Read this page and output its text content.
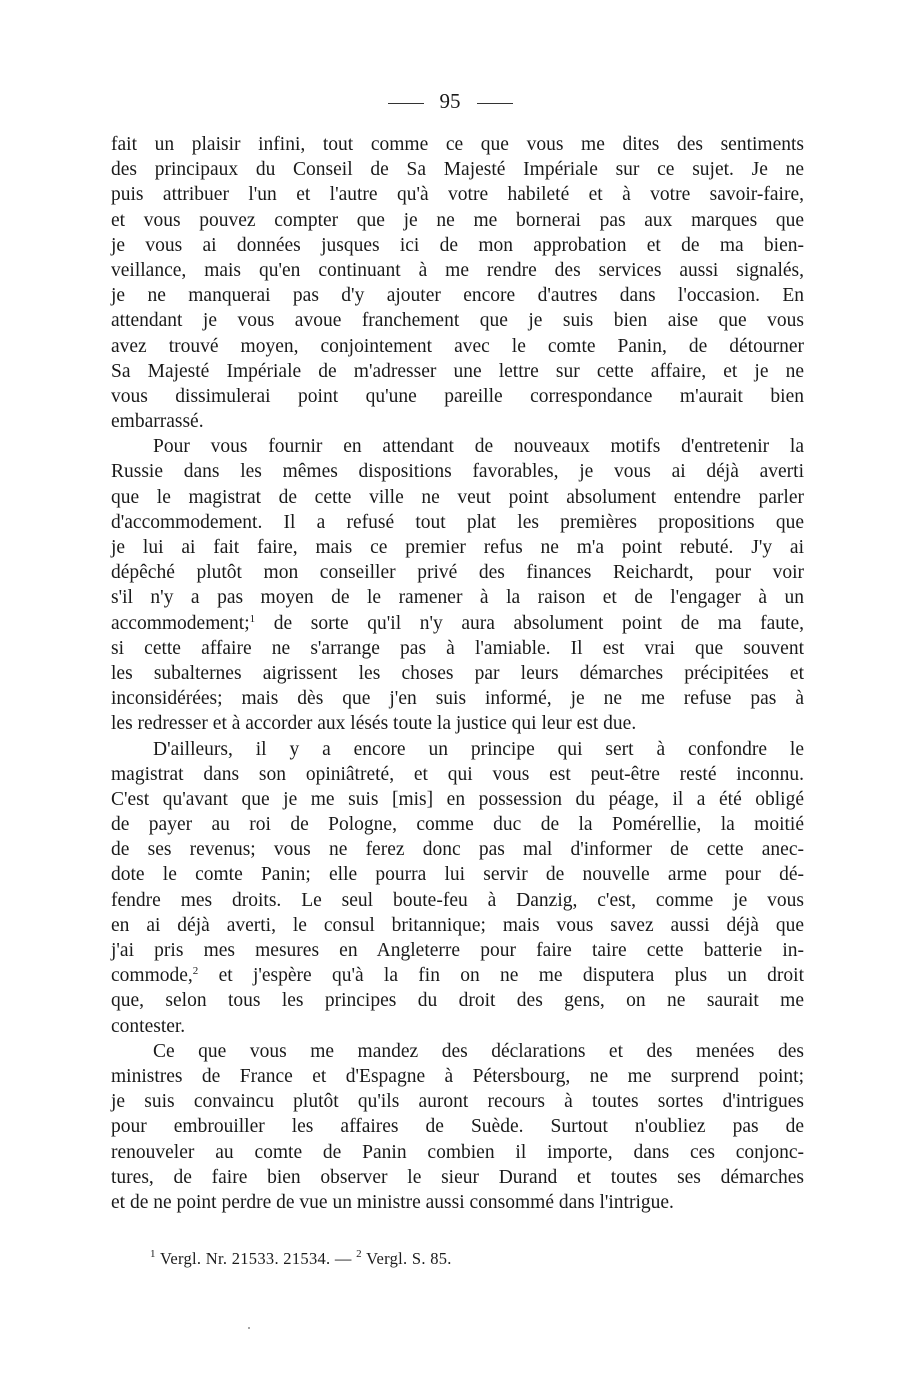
95
fait un plaisir infini, tout comme ce que vous me dites des sentiments
des principaux du Conseil de Sa Majesté Impériale sur ce sujet. Je ne
puis attribuer l'un et l'autre qu'à votre habileté et à votre savoir-faire,
et vous pouvez compter que je ne me bornerai pas aux marques que
je vous ai données jusques ici de mon approbation et de ma bien-
veillance, mais qu'en continuant à me rendre des services aussi signalés,
je ne manquerai pas d'y ajouter encore d'autres dans l'occasion. En
attendant je vous avoue franchement que je suis bien aise que vous
avez trouvé moyen, conjointement avec le comte Panin, de détourner
Sa Majesté Impériale de m'adresser une lettre sur cette affaire, et je ne
vous dissimulerai point qu'une pareille correspondance m'aurait bien
embarrassé.
Pour vous fournir en attendant de nouveaux motifs d'entretenir la
Russie dans les mêmes dispositions favorables, je vous ai déjà averti
que le magistrat de cette ville ne veut point absolument entendre parler
d'accommodement. Il a refusé tout plat les premières propositions que
je lui ai fait faire, mais ce premier refus ne m'a point rebuté. J'y ai
dépêché plutôt mon conseiller privé des finances Reichardt, pour voir
s'il n'y a pas moyen de le ramener à la raison et de l'engager à un
accommodement;$^1$ de sorte qu'il n'y aura absolument point de ma faute,
si cette affaire ne s'arrange pas à l'amiable. Il est vrai que souvent
les subalternes aigrissent les choses par leurs démarches précipitées et
inconsidérées; mais dès que j'en suis informé, je ne me refuse pas à
les redresser et à accorder aux lésés toute la justice qui leur est due.
D'ailleurs, il y a encore un principe qui sert à confondre le
magistrat dans son opiniâtreté, et qui vous est peut-être resté inconnu.
C'est qu'avant que je me suis [mis] en possession du péage, il a été obligé
de payer au roi de Pologne, comme duc de la Pomérellie, la moitié
de ses revenus; vous ne ferez donc pas mal d'informer de cette anec-
dote le comte Panin; elle pourra lui servir de nouvelle arme pour dé-
fendre mes droits. Le seul boute-feu à Danzig, c'est, comme je vous
en ai déjà averti, le consul britannique; mais vous savez aussi déjà que
j'ai pris mes mesures en Angleterre pour faire taire cette batterie in-
commode,$^2$ et j'espère qu'à la fin on ne me disputera plus un droit
que, selon tous les principes du droit des gens, on ne saurait me
contester.
Ce que vous me mandez des déclarations et des menées des
ministres de France et d'Espagne à Pétersbourg, ne me surprend point;
je suis convaincu plutôt qu'ils auront recours à toutes sortes d'intrigues
pour embrouiller les affaires de Suède. Surtout n'oubliez pas de
renouveler au comte de Panin combien il importe, dans ces conjonc-
tures, de faire bien observer le sieur Durand et toutes ses démarches
et de ne point perdre de vue un ministre aussi consommé dans l'intrigue.
$^1$ Vergl. Nr. 21533. 21534. — $^2$ Vergl. S. 85.
